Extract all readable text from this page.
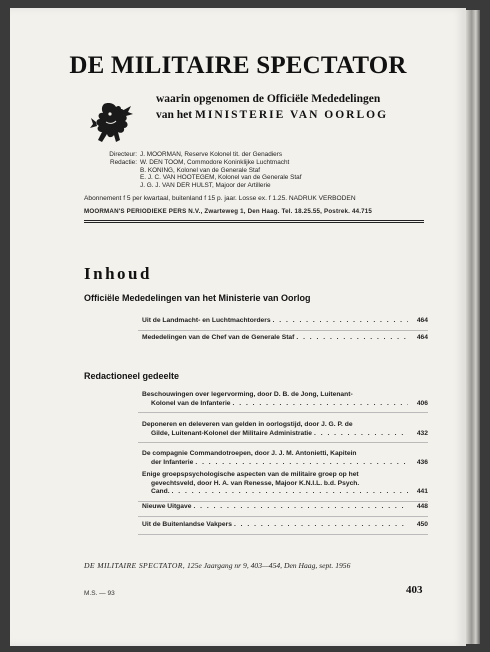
DE MILITAIRE SPECTATOR
waarin opgenomen de Officiële Mededelingen
van het MINISTERIE VAN OORLOG
Directeur: J. MOORMAN, Reserve Kolonel tit. der Genadiers
Redactie: W. DEN TOOM, Commodore Koninklijke Luchtmacht
B. KONING, Kolonel van de Generale Staf
E. J. C. VAN HOOTEGEM, Kolonel van de Generale Staf
J. G. J. VAN DER HULST, Majoor der Artillerie
Abonnement f 5 per kwartaal, buitenland f 15 p. jaar. Losse ex. f 1.25. NADRUK VERBODEN
MOORMAN'S PERIODIEKE PERS N.V., Zwarteweg 1, Den Haag. Tel. 18.25.55, Postrek. 44.715
Inhoud
Officiële Mededelingen van het Ministerie van Oorlog
Uit de Landmacht- en Luchtmachtorders . . .	464
Mededelingen van de Chef van de Generale Staf . . .	464
Redactioneel gedeelte
Beschouwingen over legervorming, door D. B. de Jong, Luitenant-
Kolonel van de Infanterie . . .	406
Deponeren en deleveren van gelden in oorlogstijd, door J. G. P. de
Gilde, Luitenant-Kolonel der Militaire Administratie . . .	432
De compagnie Commandotroepen, door J. J. M. Antonietti, Kapitein
der Infanterie . . .	436
Enige groepspsychologische aspecten van de militaire groep op het
gevechtsveld, door H. A. van Renesse, Majoor K.N.I.L. b.d. Psych.
Cand. . . .	441
Nieuwe Uitgave . . .	448
Uit de Buitenlandse Vakpers . . .	450
DE MILITAIRE SPECTATOR, 125e Jaargang nr 9, 403—454, Den Haag, sept. 1956
M.S. — 93	403
